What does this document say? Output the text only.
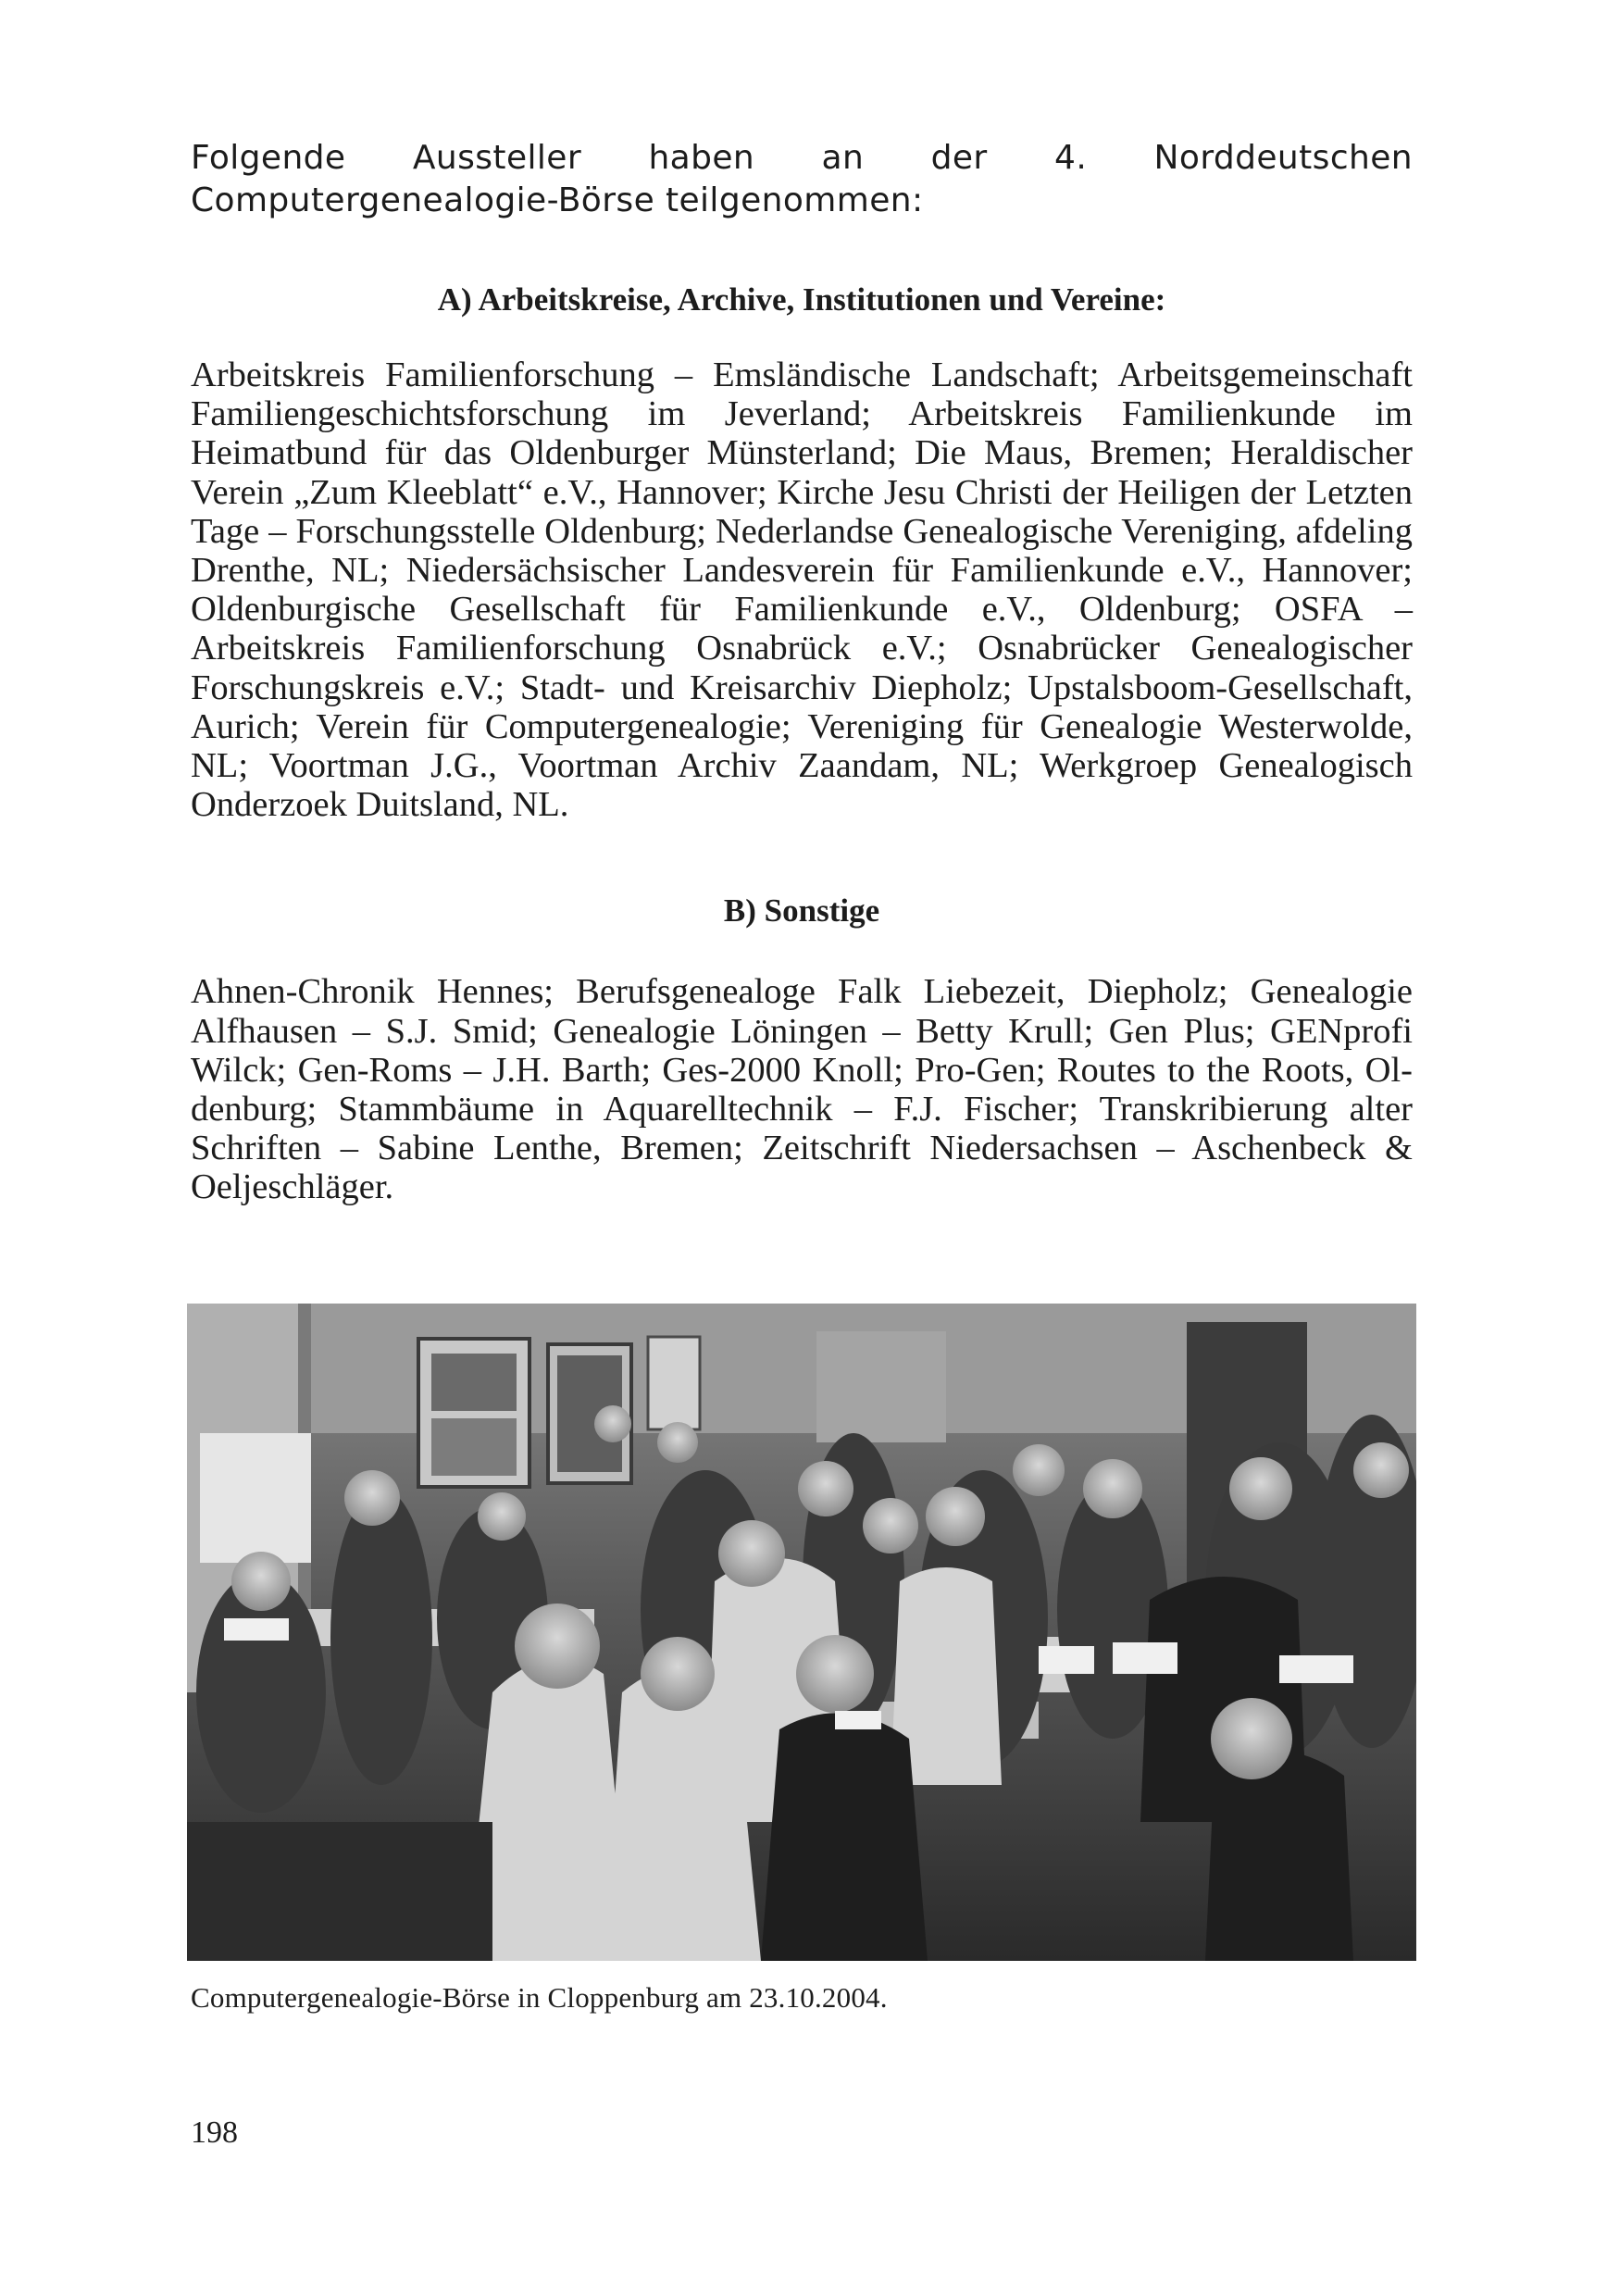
Folgende Aussteller haben an der 4. Norddeutschen Computergenealogie-Börse teilgenommen:

A) Arbeitskreise, Archive, Institutionen und Vereine:

Arbeitskreis Familienforschung – Emsländische Landschaft; Arbeitsgemeinschaft Familiengeschichtsforschung im Jeverland; Arbeitskreis Familienkunde im Heimatbund für das Oldenburger Münsterland; Die Maus, Bremen; Heraldischer Verein „Zum Kleeblatt“ e.V., Hannover; Kirche Jesu Christi der Heiligen der Letzten Tage – Forschungsstelle Oldenburg; Nederlandse Genealogische Vereniging, afdeling Drenthe, NL; Niedersächsischer Landesverein für Familienkunde e.V., Hannover; Oldenburgische Gesellschaft für Familienkunde e.V., Oldenburg; OSFA – Arbeitskreis Familienforschung Osnabrück e.V.; Osnabrücker Genealogischer Forschungskreis e.V.; Stadt- und Kreisarchiv Diepholz; Upstalsboom-Gesellschaft, Aurich; Verein für Computergenealogie; Vereniging für Genealogie Westerwolde, NL; Voortman J.G., Voortman Archiv Zaandam, NL; Werkgroep Genealogisch Onderzoek Duitsland, NL.

B) Sonstige

Ahnen-Chronik Hennes; Berufsgenealoge Falk Liebezeit, Diepholz; Genealogie Alfhausen – S.J. Smid; Genealogie Löningen – Betty Krull; Gen Plus; GENprofi Wilck; Gen-Roms – J.H. Barth; Ges-2000 Knoll; Pro-Gen; Routes to the Roots, Oldenburg; Stammbäume in Aquarelltechnik – F.J. Fischer; Transkribierung alter Schriften – Sabine Lenthe, Bremen; Zeitschrift Niedersachsen – Aschenbeck & Oeljeschläger.

Computergenealogie-Börse in Cloppenburg am 23.10.2004.

198
